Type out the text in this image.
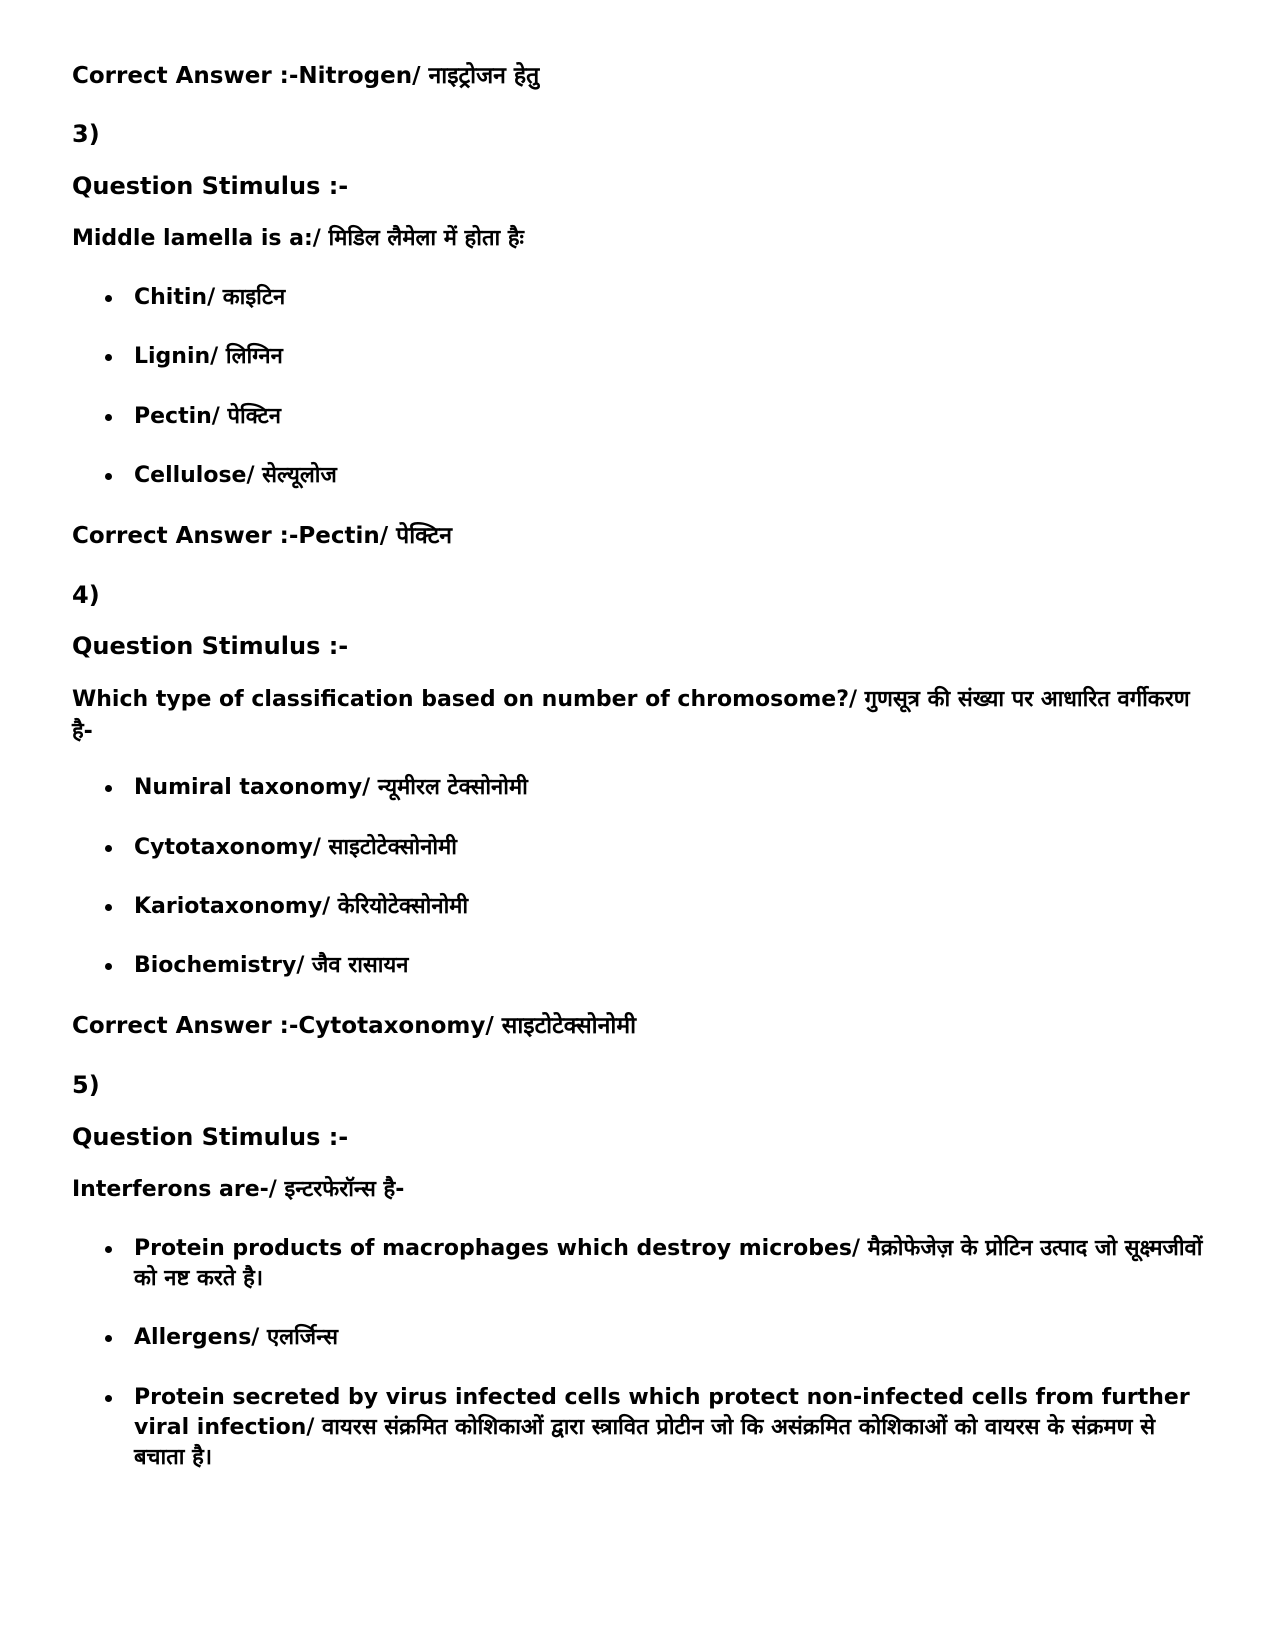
Correct Answer :-Nitrogen/ नाइट्रोजन हेतु
3)
Question Stimulus :-
Middle lamella is a:/ मिडिल लैमेला में होता हैः
Chitin/ काइटिन
Lignin/ लिग्निन
Pectin/ पेक्टिन
Cellulose/ सेल्यूलोज
Correct Answer :-Pectin/ पेक्टिन
4)
Question Stimulus :-
Which type of classification based on number of chromosome?/ गुणसूत्र की संख्या पर आधारित वर्गीकरण है-
Numiral taxonomy/ न्यूमीरल टेक्सोनोमी
Cytotaxonomy/ साइटोटेक्सोनोमी
Kariotaxonomy/ केरियोटेक्सोनोमी
Biochemistry/ जैव रासायन
Correct Answer :-Cytotaxonomy/ साइटोटेक्सोनोमी
5)
Question Stimulus :-
Interferons are-/ इन्टरफेरॉन्स है-
Protein products of macrophages which destroy microbes/ मैक्रोफेजेज़ के प्रोटिन उत्पाद जो सूक्ष्मजीवों को नष्ट करते है।
Allergens/ एलर्जिन्स
Protein secreted by virus infected cells which protect non-infected cells from further viral infection/ वायरस संक्रमित कोशिकाओं द्वारा स्त्रावित प्रोटीन जो कि असंक्रमित कोशिकाओं को वायरस के संक्रमण से बचाता है।
